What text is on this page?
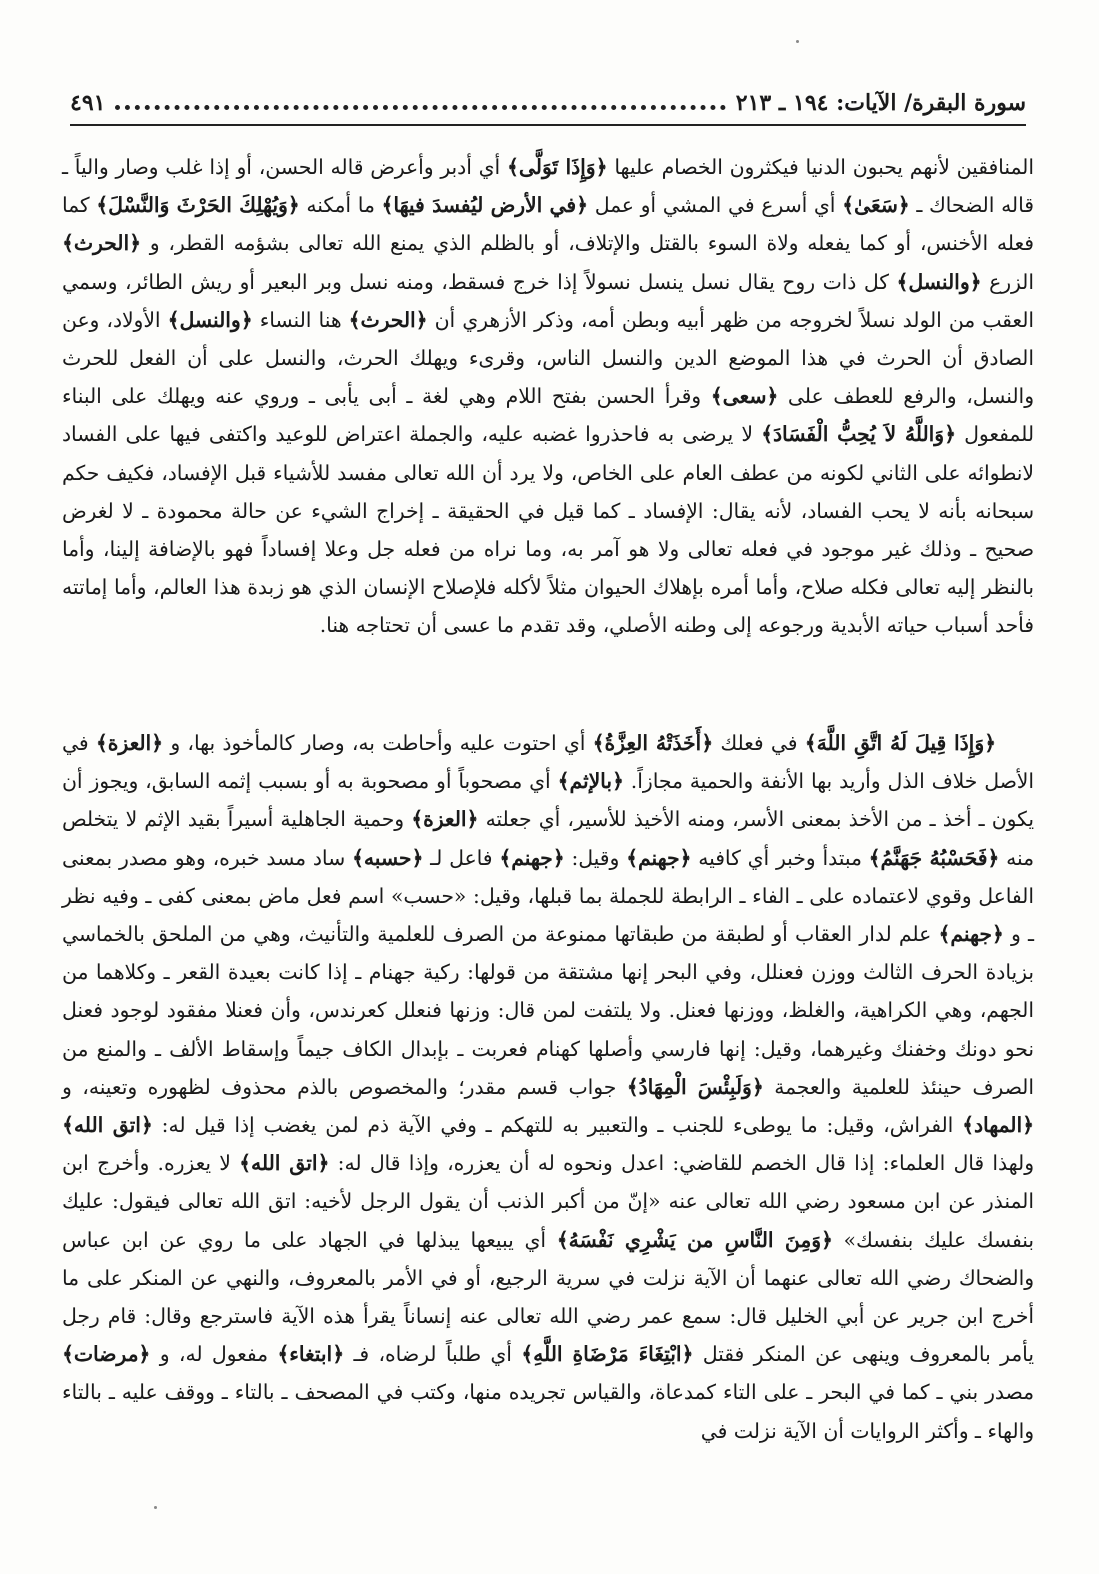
٤٩١	سورة البقرة/ الآيات: ١٩٤ ـ ٢١٣

المنافقين لأنهم يحبون الدنيا فيكثرون الخصام عليها ﴿وَإِذَا تَوَلَّى﴾ أي أدبر وأعرض قاله الحسن، أو إذا غلب وصار والياً ـ قاله الضحاك ـ ﴿سَعَىٰ﴾ أي أسرع في المشي أو عمل ﴿في الأرض ليُفسدَ فيهَا﴾ ما أمكنه ﴿وَيُهْلِكَ الحَرْثَ وَالنَّسْلَ﴾ كما فعله الأخنس، أو كما يفعله ولاة السوء بالقتل والإتلاف، أو بالظلم الذي يمنع الله تعالى بشؤمه القطر، و ﴿الحرث﴾ الزرع ﴿والنسل﴾ كل ذات روح يقال نسل ينسل نسولاً إذا خرج فسقط، ومنه نسل وبر البعير أو ريش الطائر، وسمي العقب من الولد نسلاً لخروجه من ظهر أبيه وبطن أمه، وذكر الأزهري أن ﴿الحرث﴾ هنا النساء ﴿والنسل﴾ الأولاد، وعن الصادق أن الحرث في هذا الموضع الدين والنسل الناس، وقرىء ويهلك الحرث، والنسل على أن الفعل للحرث والنسل، والرفع للعطف على ﴿سعى﴾ وقرأ الحسن بفتح اللام وهي لغة ـ أبى يأبى ـ وروي عنه ويهلك على البناء للمفعول ﴿وَاللَّهُ لاَ يُحِبُّ الْفَسَادَ﴾ لا يرضى به فاحذروا غضبه عليه، والجملة اعتراض للوعيد واكتفى فيها على الفساد لانطوائه على الثاني لكونه من عطف العام على الخاص، ولا يرد أن الله تعالى مفسد للأشياء قبل الإفساد، فكيف حكم سبحانه بأنه لا يحب الفساد، لأنه يقال: الإفساد ـ كما قيل في الحقيقة ـ إخراج الشيء عن حالة محمودة ـ لا لغرض صحيح ـ وذلك غير موجود في فعله تعالى ولا هو آمر به، وما نراه من فعله جل وعلا إفساداً فهو بالإضافة إلينا، وأما بالنظر إليه تعالى فكله صلاح، وأما أمره بإهلاك الحيوان مثلاً لأكله فلإصلاح الإنسان الذي هو زبدة هذا العالم، وأما إماتته فأحد أسباب حياته الأبدية ورجوعه إلى وطنه الأصلي، وقد تقدم ما عسى أن تحتاجه هنا.

﴿وَإِذَا قِيلَ لَهُ اتَّقِ اللَّهَ﴾ في فعلك ﴿أَخَذَتْهُ العِزَّةُ﴾ أي احتوت عليه وأحاطت به، وصار كالمأخوذ بها، و ﴿العزة﴾ في الأصل خلاف الذل وأريد بها الأنفة والحمية مجازاً. ﴿بالإثم﴾ أي مصحوباً أو مصحوبة به أو بسبب إثمه السابق، ويجوز أن يكون ـ أخذ ـ من الأخذ بمعنى الأسر، ومنه الأخيذ للأسير، أي جعلته ﴿العزة﴾ وحمية الجاهلية أسيراً بقيد الإثم لا يتخلص منه ﴿فَحَسْبُهُ جَهَنَّمُ﴾ مبتدأ وخبر أي كافيه ﴿جهنم﴾ وقيل: ﴿جهنم﴾ فاعل لـ ﴿حسبه﴾ ساد مسد خبره، وهو مصدر بمعنى الفاعل وقوي لاعتماده على ـ الفاء ـ الرابطة للجملة بما قبلها، وقيل: «حسب» اسم فعل ماض بمعنى كفى ـ وفيه نظر ـ و ﴿جهنم﴾ علم لدار العقاب أو لطبقة من طبقاتها ممنوعة من الصرف للعلمية والتأنيث، وهي من الملحق بالخماسي بزيادة الحرف الثالث ووزن فعنلل، وفي البحر إنها مشتقة من قولها: ركية جهنام ـ إذا كانت بعيدة القعر ـ وكلاهما من الجهم، وهي الكراهية، والغلظ، ووزنها فعنل. ولا يلتفت لمن قال: وزنها فنعلل كعرندس، وأن فعنلا مفقود لوجود فعنل نحو دونك وخفنك وغيرهما، وقيل: إنها فارسي وأصلها كهنام فعربت ـ بإبدال الكاف جيماً وإسقاط الألف ـ والمنع من الصرف حينئذ للعلمية والعجمة ﴿وَلَبِئْسَ الْمِهَادُ﴾ جواب قسم مقدر؛ والمخصوص بالذم محذوف لظهوره وتعينه، و ﴿المهاد﴾ الفراش، وقيل: ما يوطىء للجنب ـ والتعبير به للتهكم ـ وفي الآية ذم لمن يغضب إذا قيل له: ﴿اتق الله﴾ ولهذا قال العلماء: إذا قال الخصم للقاضي: اعدل ونحوه له أن يعزره، وإذا قال له: ﴿اتق الله﴾ لا يعزره. وأخرج ابن المنذر عن ابن مسعود رضي الله تعالى عنه «إنّ من أكبر الذنب أن يقول الرجل لأخيه: اتق الله تعالى فيقول: عليك بنفسك عليك بنفسك» ﴿وَمِنَ النَّاسِ من يَشْرِي نَفْسَهُ﴾ أي يبيعها يبذلها في الجهاد على ما روي عن ابن عباس والضحاك رضي الله تعالى عنهما أن الآية نزلت في سرية الرجيع، أو في الأمر بالمعروف، والنهي عن المنكر على ما أخرج ابن جرير عن أبي الخليل قال: سمع عمر رضي الله تعالى عنه إنساناً يقرأ هذه الآية فاسترجع وقال: قام رجل يأمر بالمعروف وينهى عن المنكر فقتل ﴿ابْتِغَاءَ مَرْضَاةِ اللَّهِ﴾ أي طلباً لرضاه، فـ ﴿ابتغاء﴾ مفعول له، و ﴿مرضات﴾ مصدر بني ـ كما في البحر ـ على التاء كمدعاة، والقياس تجريده منها، وكتب في المصحف ـ بالتاء ـ ووقف عليه ـ بالتاء والهاء ـ وأكثر الروايات أن الآية نزلت في
